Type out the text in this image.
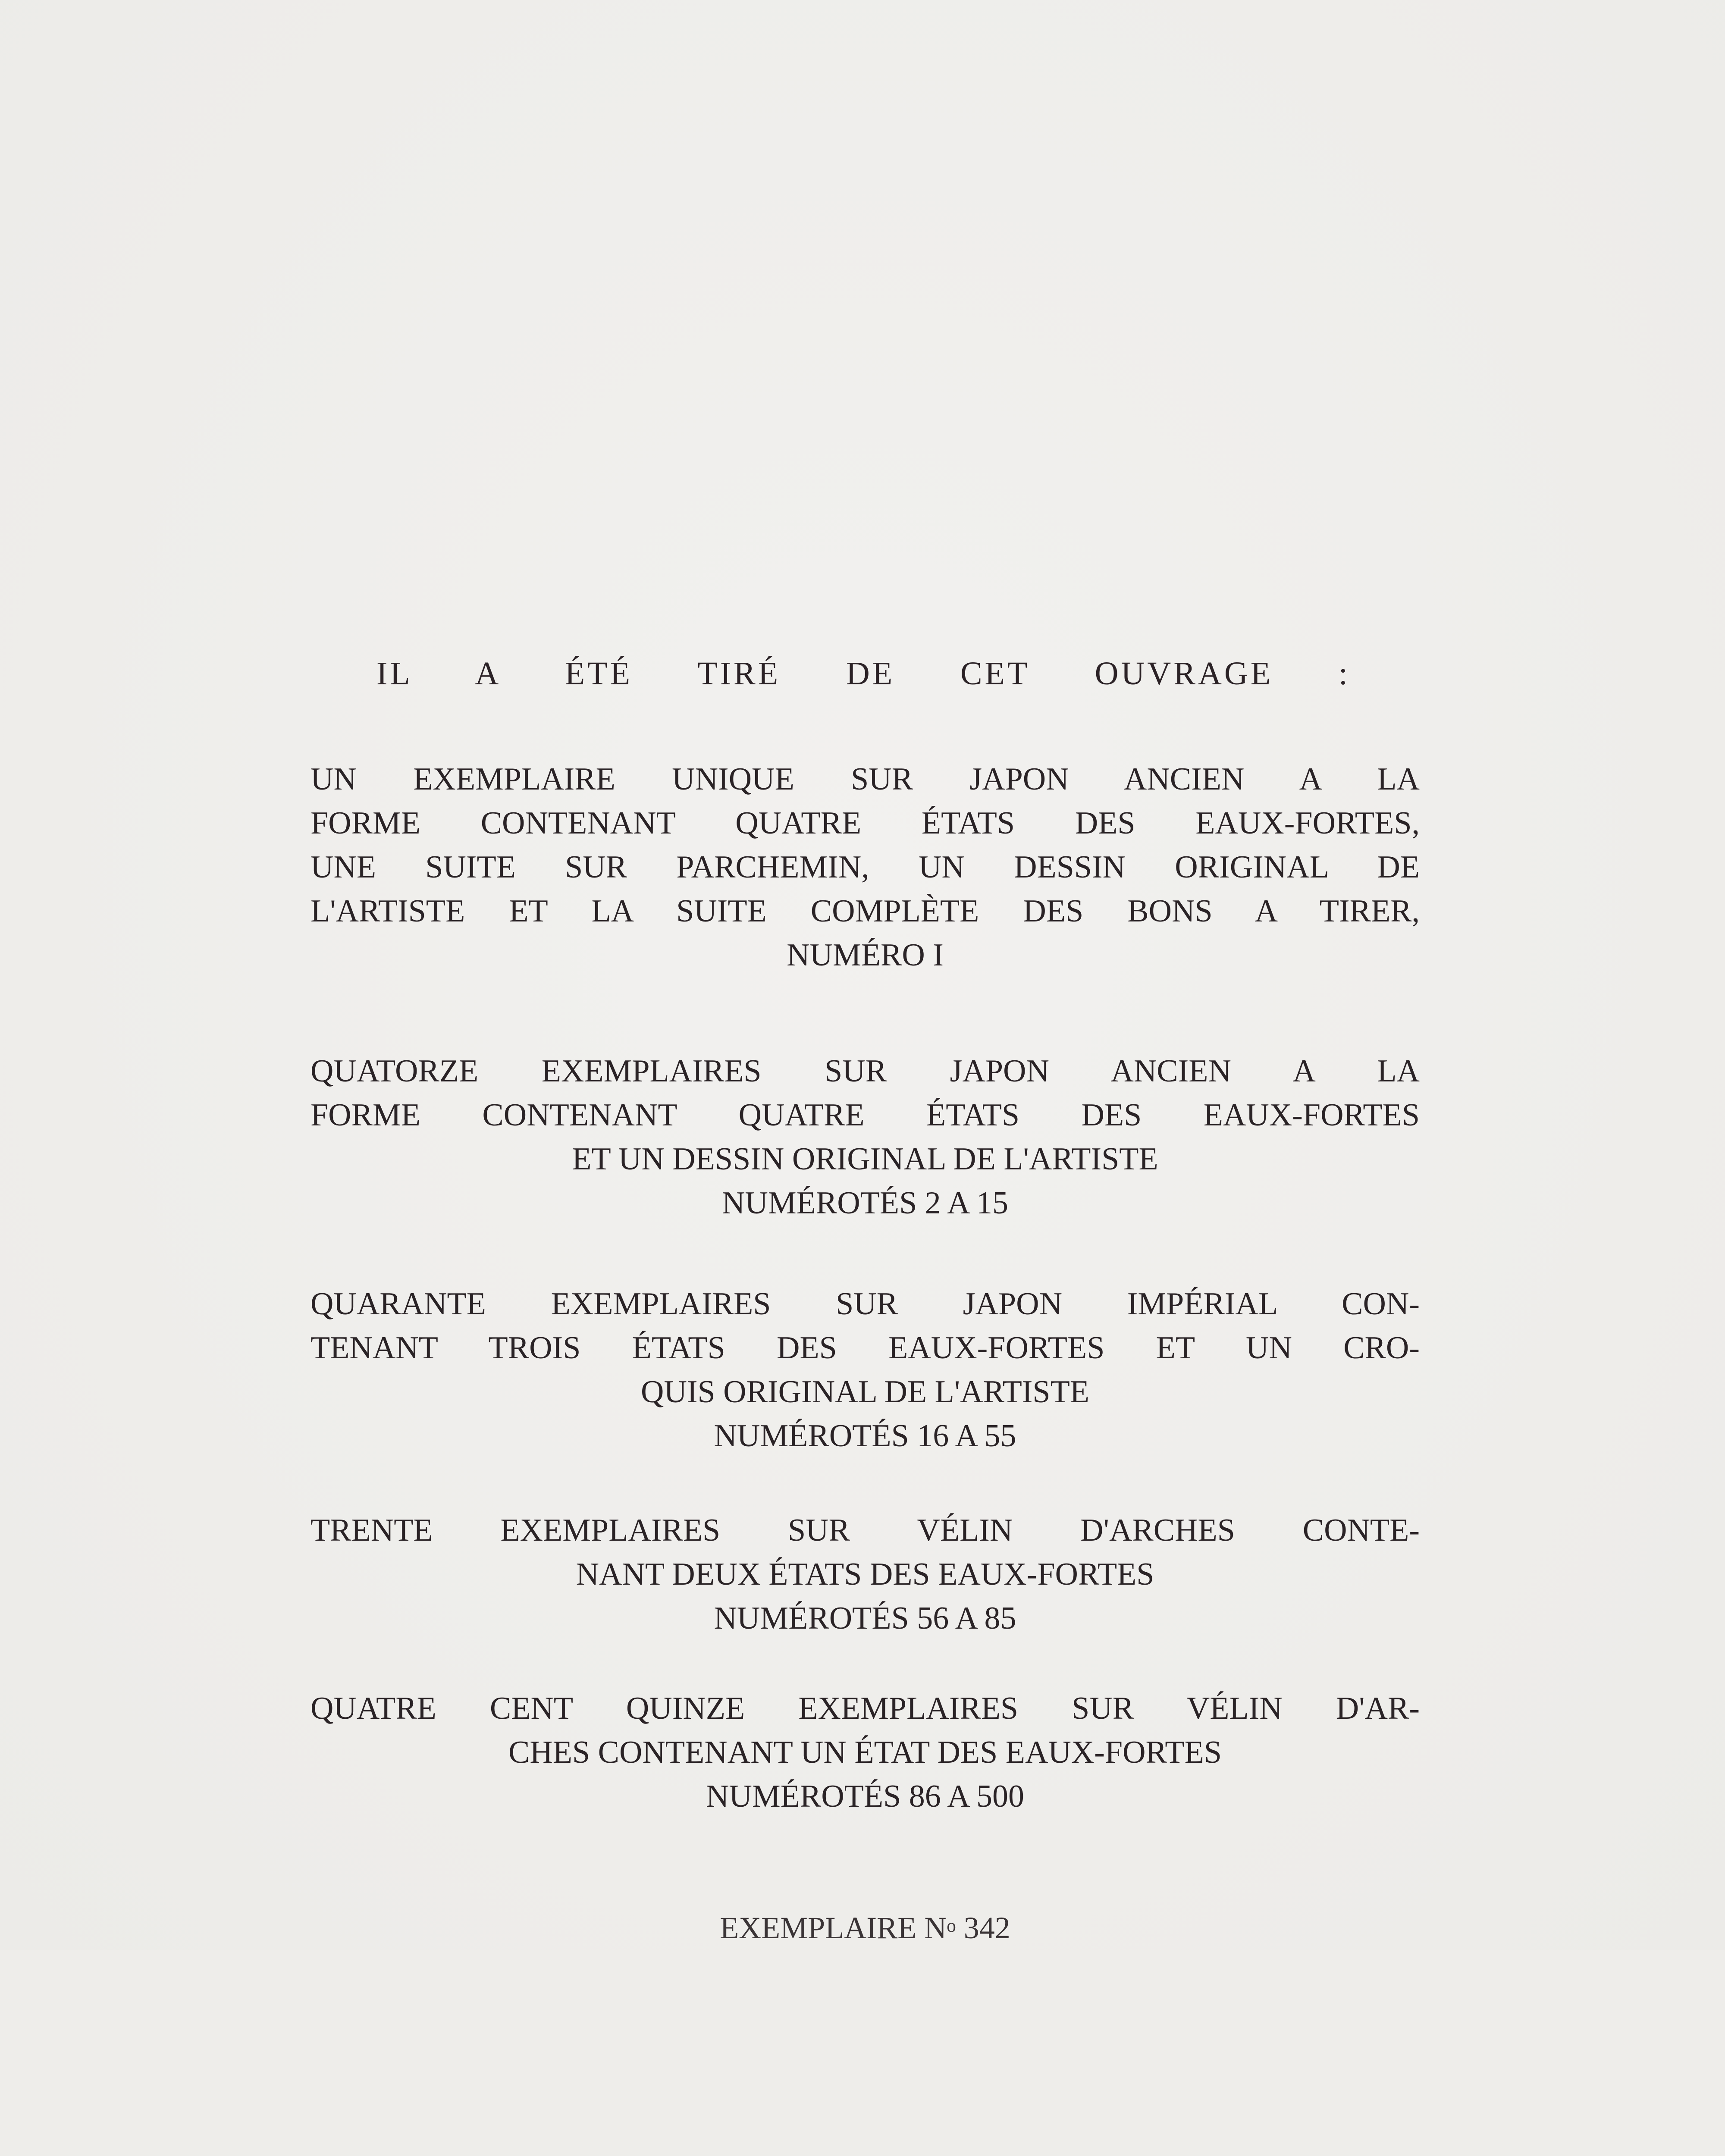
IL A ÉTÉ TIRÉ DE CET OUVRAGE :
UN EXEMPLAIRE UNIQUE SUR JAPON ANCIEN A LA
FORME CONTENANT QUATRE ÉTATS DES EAUX-FORTES,
UNE SUITE SUR PARCHEMIN, UN DESSIN ORIGINAL DE
L'ARTISTE ET LA SUITE COMPLÈTE DES BONS A TIRER,
NUMÉRO I
QUATORZE EXEMPLAIRES SUR JAPON ANCIEN A LA
FORME CONTENANT QUATRE ÉTATS DES EAUX-FORTES
ET UN DESSIN ORIGINAL DE L'ARTISTE
NUMÉROTÉS 2 A 15
QUARANTE EXEMPLAIRES SUR JAPON IMPÉRIAL CON-
TENANT TROIS ÉTATS DES EAUX-FORTES ET UN CRO-
QUIS ORIGINAL DE L'ARTISTE
NUMÉROTÉS 16 A 55
TRENTE EXEMPLAIRES SUR VÉLIN D'ARCHES CONTE-
NANT DEUX ÉTATS DES EAUX-FORTES
NUMÉROTÉS 56 A 85
QUATRE CENT QUINZE EXEMPLAIRES SUR VÉLIN D'AR-
CHES CONTENANT UN ÉTAT DES EAUX-FORTES
NUMÉROTÉS 86 A 500
EXEMPLAIRE $N^o$ 342
